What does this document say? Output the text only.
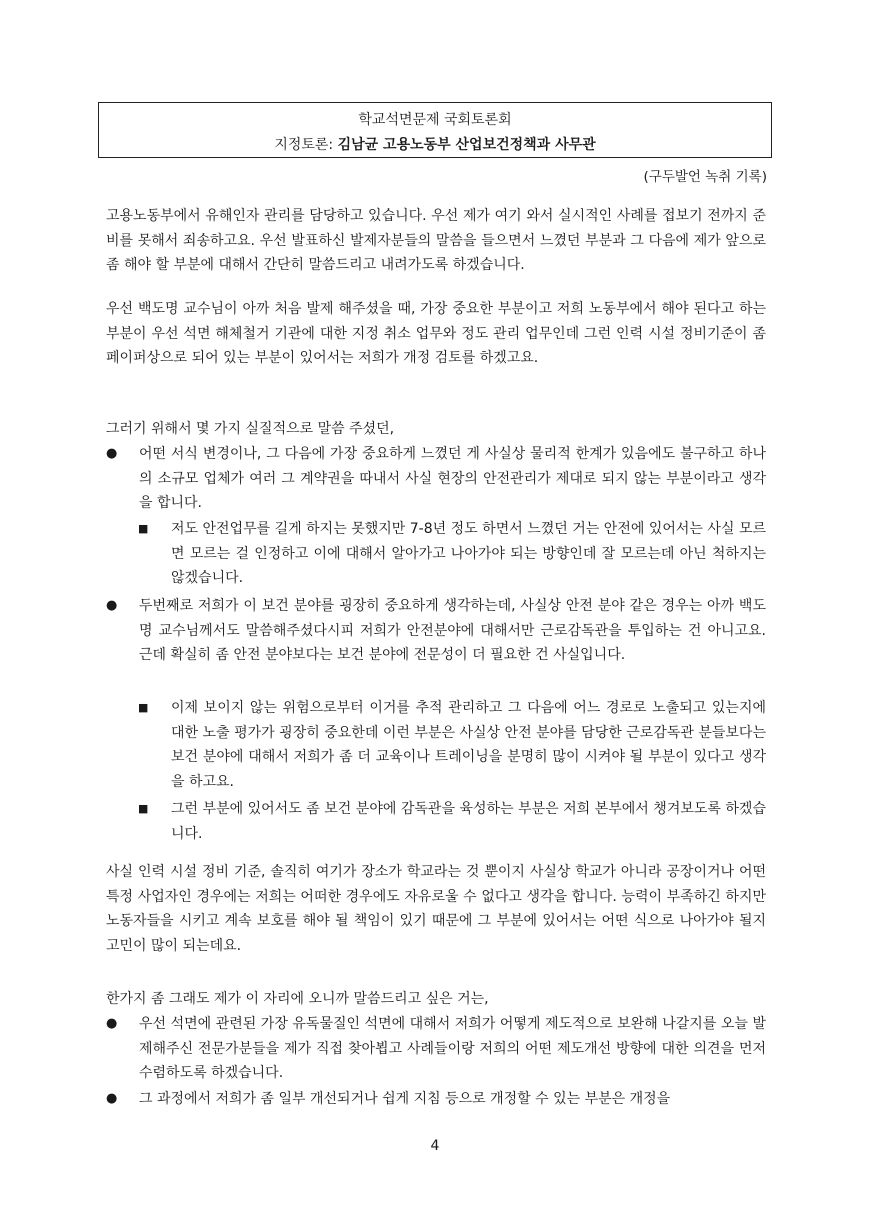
학교석면문제 국회토론회
지정토론: 김남균 고용노동부 산업보건정책과 사무관
(구두발언 녹취 기록)

고용노동부에서 유해인자 관리를 담당하고 있습니다. 우선 제가 여기 와서 실시적인 사례를 접보기 전까지 준비를 못해서 죄송하고요. 우선 발표하신 발제자분들의 말씀을 들으면서 느꼈던 부분과 그 다음에 제가 앞으로 좀 해야 할 부분에 대해서 간단히 말씀드리고 내려가도록 하겠습니다.

우선 백도명 교수님이 아까 처음 발제 해주셨을 때, 가장 중요한 부분이고 저희 노동부에서 해야 된다고 하는 부분이 우선 석면 해체철거 기관에 대한 지정 취소 업무와 정도 관리 업무인데 그런 인력 시설 정비기준이 좀 페이퍼상으로 되어 있는 부분이 있어서는 저희가 개정 검토를 하겠고요.

그러기 위해서 몇 가지 실질적으로 말씀 주셨던,

● 어떤 서식 변경이나, 그 다음에 가장 중요하게 느꼈던 게 사실상 물리적 한계가 있음에도 불구하고 하나의 소규모 업체가 여러 그 계약권을 따내서 사실 현장의 안전관리가 제대로 되지 않는 부분이라고 생각을 합니다.

■ 저도 안전업무를 길게 하지는 못했지만 7-8년 정도 하면서 느꼈던 거는 안전에 있어서는 사실 모르면 모르는 걸 인정하고 이에 대해서 알아가고 나아가야 되는 방향인데 잘 모르는데 아닌 척하지는 않겠습니다.

● 두번째로 저희가 이 보건 분야를 굉장히 중요하게 생각하는데, 사실상 안전 분야 같은 경우는 아까 백도명 교수님께서도 말씀해주셨다시피 저희가 안전분야에 대해서만 근로감독관을 투입하는 건 아니고요. 근데 확실히 좀 안전 분야보다는 보건 분야에 전문성이 더 필요한 건 사실입니다.

■ 이제 보이지 않는 위험으로부터 이거를 추적 관리하고 그 다음에 어느 경로로 노출되고 있는지에 대한 노출 평가가 굉장히 중요한데 이런 부분은 사실상 안전 분야를 담당한 근로감독관 분들보다는 보건 분야에 대해서 저희가 좀 더 교육이나 트레이닝을 분명히 많이 시켜야 될 부분이 있다고 생각을 하고요.

■ 그런 부분에 있어서도 좀 보건 분야에 감독관을 육성하는 부분은 저희 본부에서 챙겨보도록 하겠습니다.

사실 인력 시설 정비 기준, 솔직히 여기가 장소가 학교라는 것 뿐이지 사실상 학교가 아니라 공장이거나 어떤 특정 사업자인 경우에는 저희는 어떠한 경우에도 자유로울 수 없다고 생각을 합니다. 능력이 부족하긴 하지만 노동자들을 시키고 계속 보호를 해야 될 책임이 있기 때문에 그 부분에 있어서는 어떤 식으로 나아가야 될지 고민이 많이 되는데요.

한가지 좀 그래도 제가 이 자리에 오니까 말씀드리고 싶은 거는,

● 우선 석면에 관련된 가장 유독물질인 석면에 대해서 저희가 어떻게 제도적으로 보완해 나갈지를 오늘 발제해주신 전문가분들을 제가 직접 찾아뵙고 사례들이랑 저희의 어떤 제도개선 방향에 대한 의견을 먼저 수렴하도록 하겠습니다.

● 그 과정에서 저희가 좀 일부 개선되거나 쉽게 지침 등으로 개정할 수 있는 부분은 개정을

4
